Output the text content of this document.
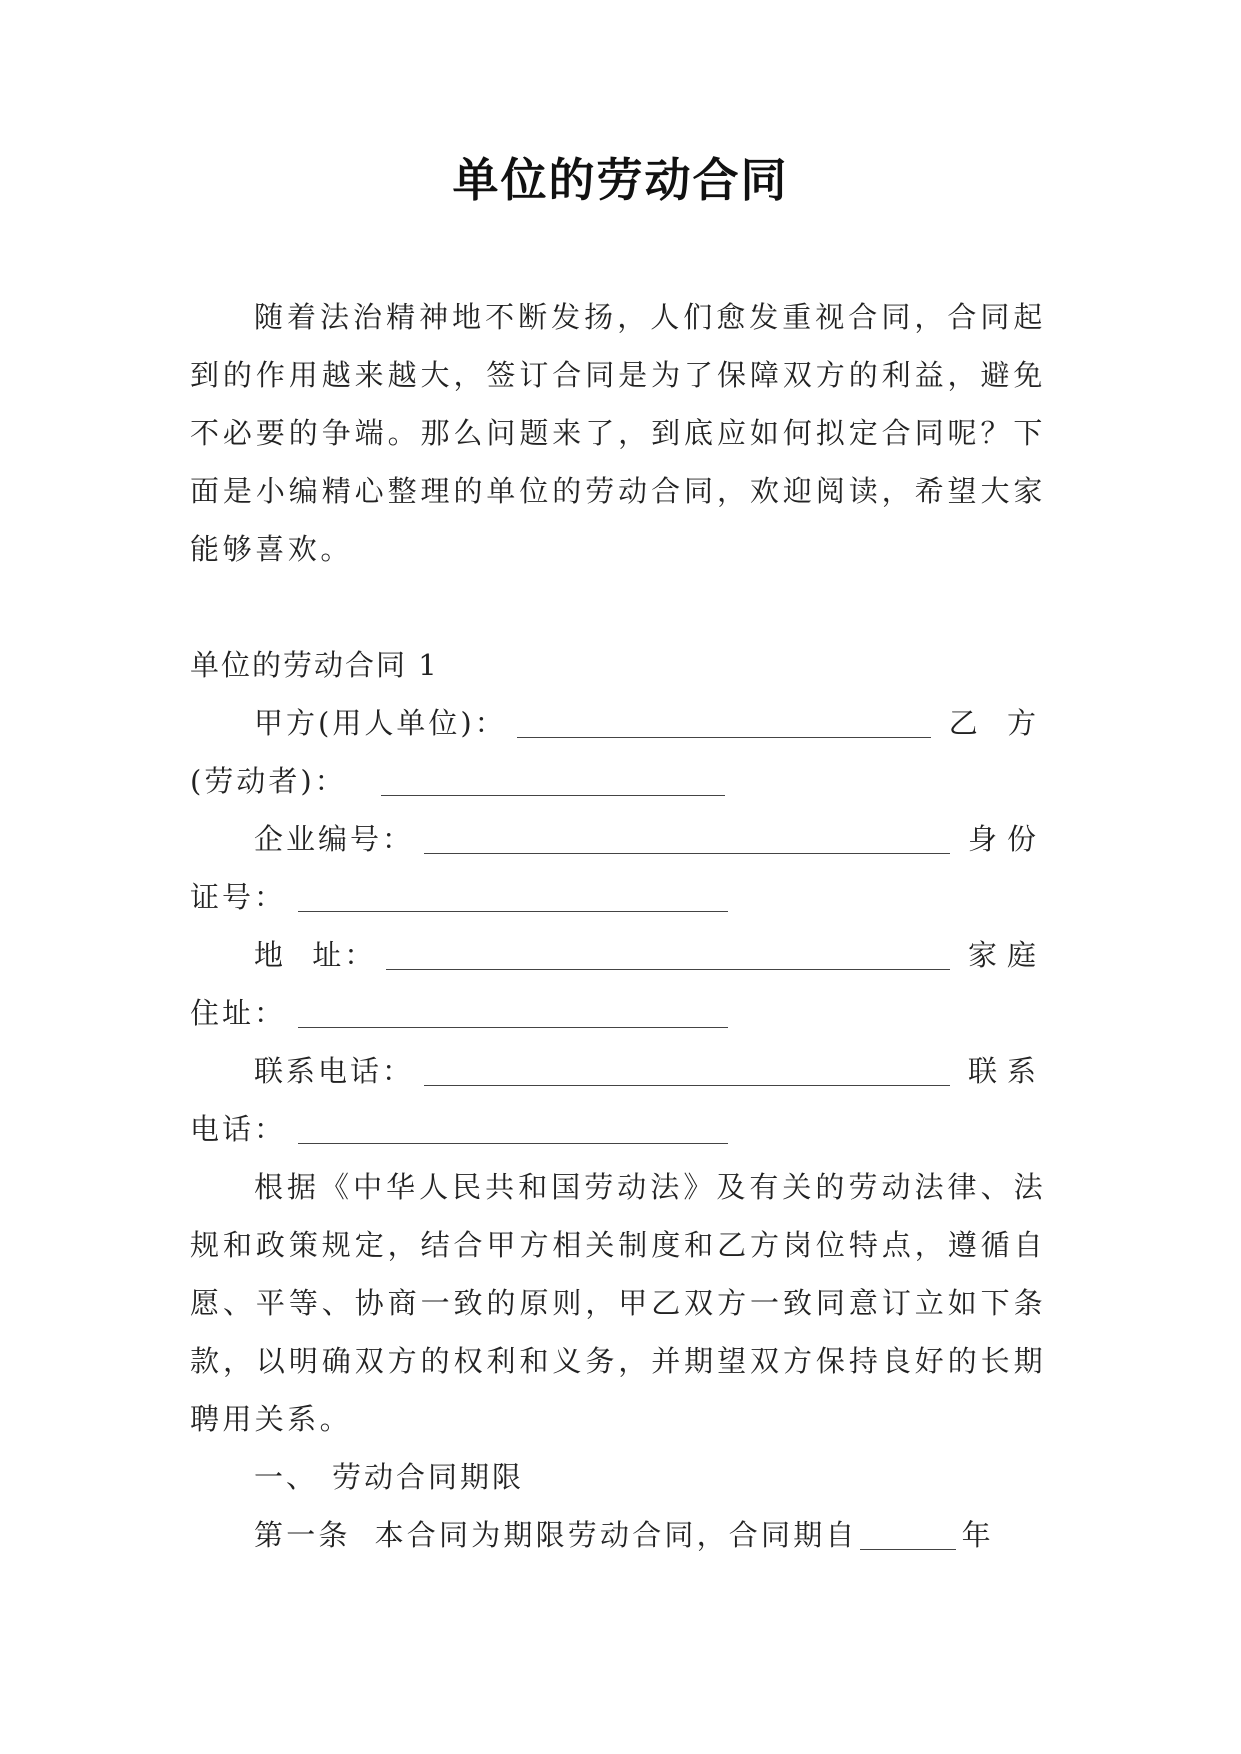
单位的劳动合同

随着法治精神地不断发扬，人们愈发重视合同，合同起到的作用越来越大，签订合同是为了保障双方的利益，避免不必要的争端。那么问题来了，到底应如何拟定合同呢？下面是小编精心整理的单位的劳动合同，欢迎阅读，希望大家能够喜欢。

单位的劳动合同 1

甲方(用人单位)：	乙 方
(劳动者)：
企业编号：	身份
证号：
地 址：	家庭
住址：
联系电话：	联系
电话：

根据《中华人民共和国劳动法》及有关的劳动法律、法规和政策规定，结合甲方相关制度和乙方岗位特点，遵循自愿、平等、协商一致的原则，甲乙双方一致同意订立如下条款，以明确双方的权利和义务，并期望双方保持良好的长期聘用关系。

一、 劳动合同期限

第一条 本合同为期限劳动合同，合同期自	年
